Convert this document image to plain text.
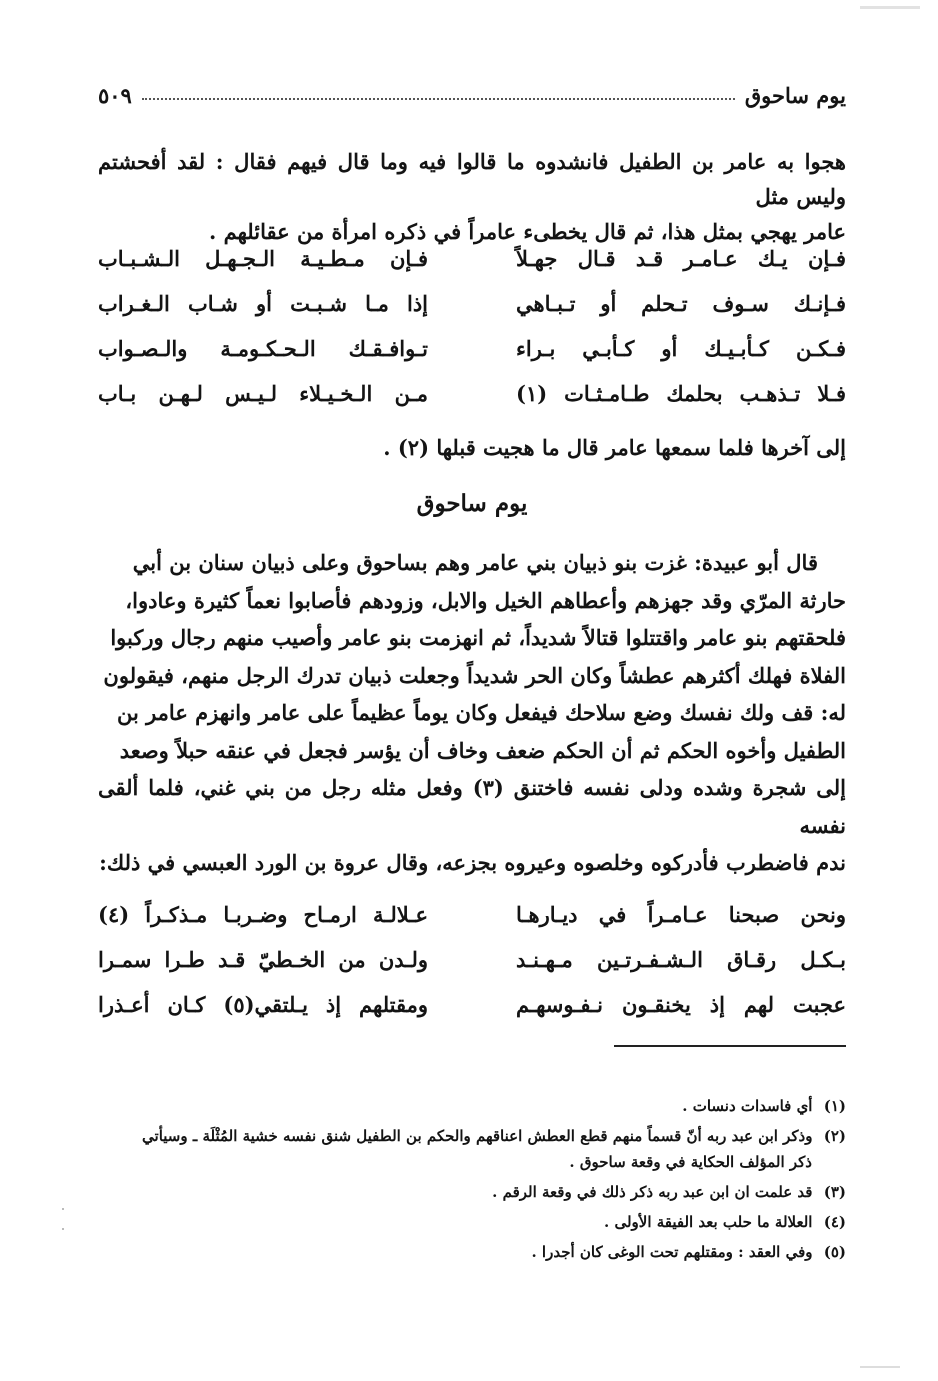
يوم ساحوق
٥٠٩

هجوا به عامر بن الطفيل فانشدوه ما قالوا فيه وما قال فيهم فقال : لقد أفحشتم وليس مثل

عامر يهجي بمثل هذا، ثم قال يخطىء عامراً في ذكره امرأة من عقائلهم .

فـإن يـك عـامـر قـد قـال جهـلاً
فـإن مـطـيـة الـجـهـل الـشـبـاب
فـإنـك سـوف تـحلم أو تـبـاهي
إذا مـا شـبـت أو شـاب الـغـراب
فـكـن كـأبـيـك أو كـأبـي بـراء
تـوافـقـك الـحـكـومـة والـصـواب
فـلا تـذهـب بحلمك طـامـثـات (١)
مـن الـخـيـلاء لـيـس لـهـن بـاب

إلى آخرها فلما سمعها عامر قال ما هجيت قبلها (٢) .

يوم ساحوق

قال أبو عبيدة: غزت بنو ذبيان بني عامر وهم بساحوق وعلى ذبيان سنان بن أبي

حارثة المرّي وقد جهزهم وأعطاهم الخيل والابل، وزودهم فأصابوا نعماً كثيرة وعادوا،

فلحقتهم بنو عامر واقتتلوا قتالاً شديداً، ثم انهزمت بنو عامر وأصيب منهم رجال وركبوا

الفلاة فهلك أكثرهم عطشاً وكان الحر شديداً وجعلت ذبيان تدرك الرجل منهم، فيقولون

له: قف ولك نفسك وضع سلاحك فيفعل وكان يوماً عظيماً على عامر وانهزم عامر بن

الطفيل وأخوه الحكم ثم أن الحكم ضعف وخاف أن يؤسر فجعل في عنقه حبلاً وصعد

إلى شجرة وشده ودلى نفسه فاختنق (٣) وفعل مثله رجل من بني غني، فلما ألقى نفسه

ندم فاضطرب فأدركوه وخلصوه وعيروه بجزعه، وقال عروة بن الورد العبسي في ذلك:

ونحن صبحنا عـامـراً في ديـارهـا
عـلالـة ارمـاح وضـربـا مـذكـراً (٤)
بـكـل رقـاق الـشـفـرتـين مـهـنـد
ولـدن من الخـطيّ قـد طـرا سمـرا
عجبت لهم إذ يخنقـون نـفـوسهـم
ومقتلهم إذ يـلتقي(٥) كـان أعـذرا
(١) أي فاسدات دنسات .
(٢) وذكر ابن عبد ربه أنّ قسماً منهم قطع العطش اعناقهم والحكم بن الطفيل شنق نفسه خشية المُثْلَة ـ وسيأتي
ذكر المؤلف الحكاية في وقعة ساحوق .
(٣) قد علمت ان ابن عبد ربه ذكر ذلك في وقعة الرقم .
(٤) العلالة ما حلب بعد الفيقة الأولى .
(٥) وفي العقد : ومقتلهم تحت الوغى كان أجدرا .
